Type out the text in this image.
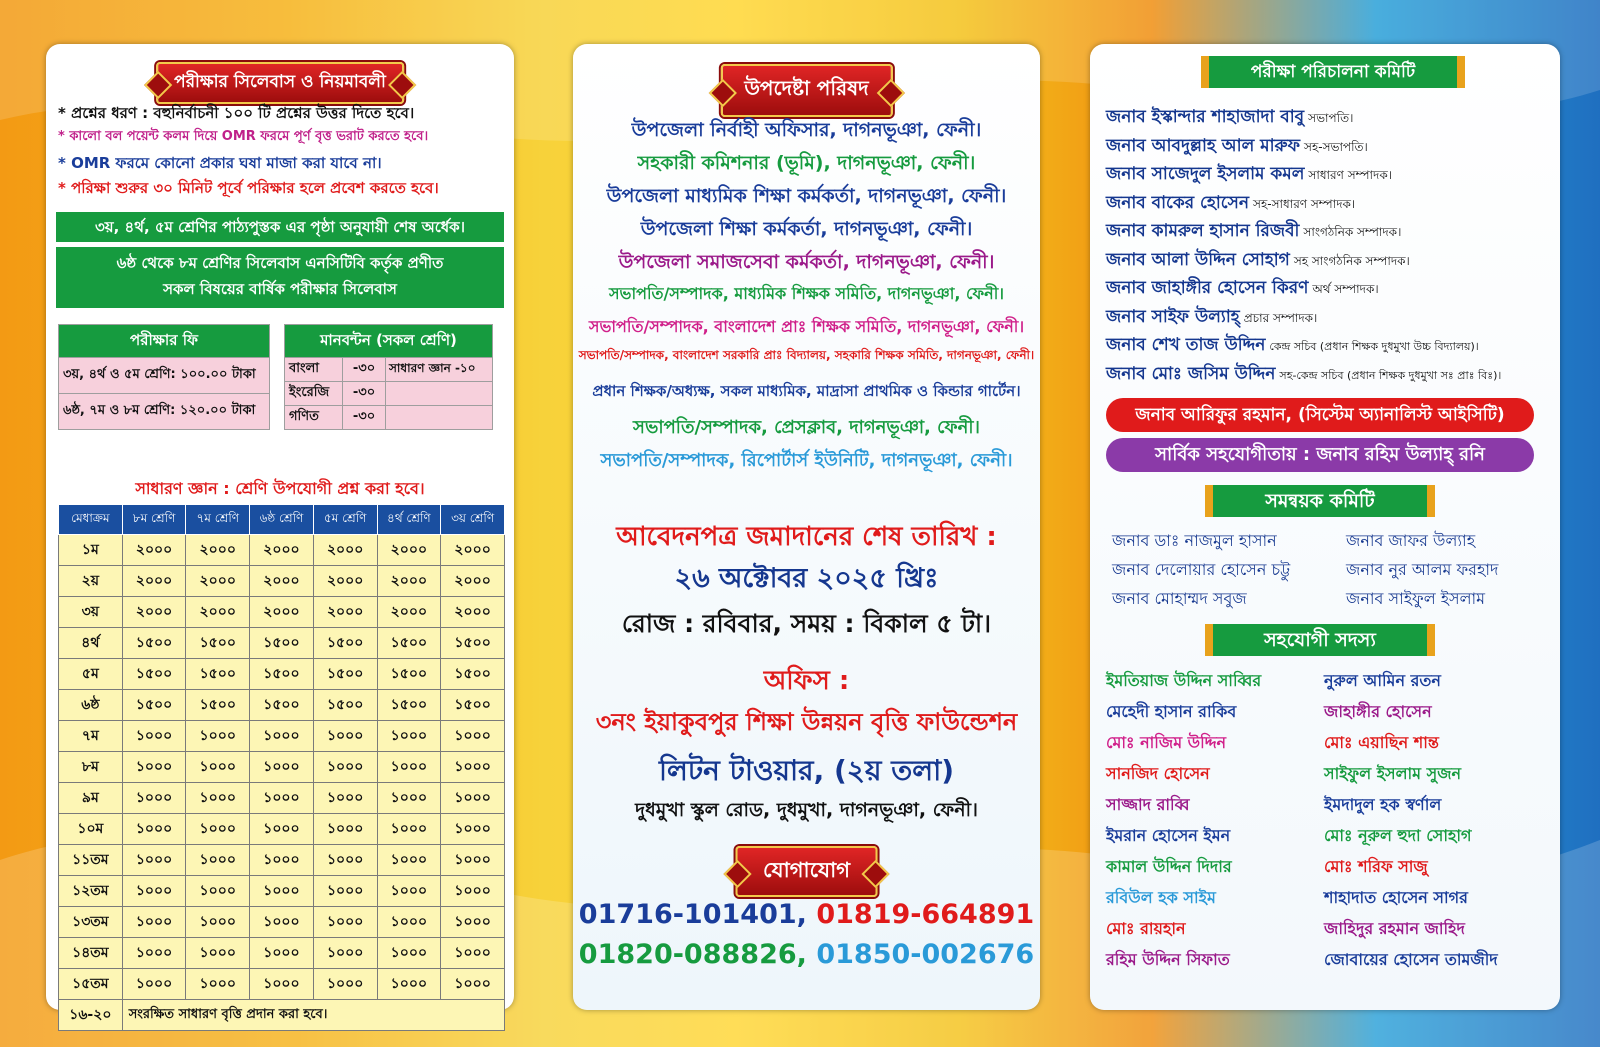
পরীক্ষার সিলেবাস ও নিয়মাবলী
* প্রশ্নের ধরণ : বহুনির্বাচনী ১০০ টি প্রশ্নের উত্তর দিতে হবে।
* কালো বল পয়েন্ট কলম দিয়ে OMR ফরমে পূর্ণ বৃত্ত ভরাট করতে হবে।
* OMR ফরমে কোনো প্রকার ঘষা মাজা করা যাবে না।
* পরিক্ষা শুরুর ৩০ মিনিট পূর্বে পরিক্ষার হলে প্রবেশ করতে হবে।
৩য়, ৪র্থ, ৫ম শ্রেণির পাঠ্যপুস্তক এর পৃষ্ঠা অনুযায়ী শেষ অর্ধেক।
৬ষ্ঠ থেকে ৮ম শ্রেণির সিলেবাস এনসিটিবি কর্তৃক প্রণীত
সকল বিষয়ের বার্ষিক পরীক্ষার সিলেবাস
পরীক্ষার ফি
৩য়, ৪র্থ ও ৫ম শ্রেণি: ১০০.০০ টাকা
৬ষ্ঠ, ৭ম ও ৮ম শ্রেণি: ১২০.০০ টাকা
মানবন্টন (সকল শ্রেণি)		
বাংলা	-৩০	সাধারণ জ্ঞান -১০
ইংরেজি	-৩০	
গণিত	-৩০	
সাধারণ জ্ঞান : শ্রেণি উপযোগী প্রশ্ন করা হবে।
মেধাক্রম	৮ম শ্রেণি	৭ম শ্রেণি	৬ষ্ঠ শ্রেণি	৫ম শ্রেণি	৪র্থ শ্রেণি	৩য় শ্রেণি
১ম	২০০০	২০০০	২০০০	২০০০	২০০০	২০০০
২য়	২০০০	২০০০	২০০০	২০০০	২০০০	২০০০
৩য়	২০০০	২০০০	২০০০	২০০০	২০০০	২০০০
৪র্থ	১৫০০	১৫০০	১৫০০	১৫০০	১৫০০	১৫০০
৫ম	১৫০০	১৫০০	১৫০০	১৫০০	১৫০০	১৫০০
৬ষ্ঠ	১৫০০	১৫০০	১৫০০	১৫০০	১৫০০	১৫০০
৭ম	১০০০	১০০০	১০০০	১০০০	১০০০	১০০০
৮ম	১০০০	১০০০	১০০০	১০০০	১০০০	১০০০
৯ম	১০০০	১০০০	১০০০	১০০০	১০০০	১০০০
১০ম	১০০০	১০০০	১০০০	১০০০	১০০০	১০০০
১১তম	১০০০	১০০০	১০০০	১০০০	১০০০	১০০০
১২তম	১০০০	১০০০	১০০০	১০০০	১০০০	১০০০
১৩তম	১০০০	১০০০	১০০০	১০০০	১০০০	১০০০
১৪তম	১০০০	১০০০	১০০০	১০০০	১০০০	১০০০
১৫তম	১০০০	১০০০	১০০০	১০০০	১০০০	১০০০
১৬-২০	সংরক্ষিত সাধারণ বৃত্তি প্রদান করা হবে।					
উপদেষ্টা পরিষদ
উপজেলা নির্বাহী অফিসার, দাগনভূঞা, ফেনী।
সহকারী কমিশনার (ভূমি), দাগনভূঞা, ফেনী।
উপজেলা মাধ্যমিক শিক্ষা কর্মকর্তা, দাগনভূঞা, ফেনী।
উপজেলা শিক্ষা কর্মকর্তা, দাগনভূঞা, ফেনী।
উপজেলা সমাজসেবা কর্মকর্তা, দাগনভূঞা, ফেনী।
সভাপতি/সম্পাদক, মাধ্যমিক শিক্ষক সমিতি, দাগনভূঞা, ফেনী।
সভাপতি/সম্পাদক, বাংলাদেশ প্রাঃ শিক্ষক সমিতি, দাগনভূঞা, ফেনী।
সভাপতি/সম্পাদক, বাংলাদেশ সরকারি প্রাঃ বিদ্যালয়, সহকারি শিক্ষক সমিতি, দাগনভূঞা, ফেনী।
প্রধান শিক্ষক/অধ্যক্ষ, সকল মাধ্যমিক, মাদ্রাসা প্রাথমিক ও কিন্ডার গার্টেন।
সভাপতি/সম্পাদক, প্রেসক্লাব, দাগনভূঞা, ফেনী।
সভাপতি/সম্পাদক, রিপোর্টার্স ইউনিটি, দাগনভূঞা, ফেনী।
আবেদনপত্র জমাদানের শেষ তারিখ :
২৬ অক্টোবর ২০২৫ খ্রিঃ
রোজ : রবিবার, সময় : বিকাল ৫ টা।
অফিস :
৩নং ইয়াকুবপুর শিক্ষা উন্নয়ন বৃত্তি ফাউন্ডেশন
লিটন টাওয়ার, (২য় তলা)
দুধমুখা স্কুল রোড, দুধমুখা, দাগনভূঞা, ফেনী।
যোগাযোগ
01716-101401, 01819-664891
01820-088826, 01850-002676
পরীক্ষা পরিচালনা কমিটি
জনাব ইস্কান্দার শাহাজাদা বাবু সভাপতি।
জনাব আবদুল্লাহ আল মারুফ সহ-সভাপতি।
জনাব সাজেদুল ইসলাম কমল সাধারণ সম্পাদক।
জনাব বাকের হোসেন সহ-সাধারণ সম্পাদক।
জনাব কামরুল হাসান রিজবী সাংগঠনিক সম্পাদক।
জনাব আলা উদ্দিন সোহাগ সহ সাংগঠনিক সম্পাদক।
জনাব জাহাঙ্গীর হোসেন কিরণ অর্থ সম্পাদক।
জনাব সাইফ উল্যাহ্ প্রচার সম্পাদক।
জনাব শেখ তাজ উদ্দিন কেন্দ্র সচিব (প্রধান শিক্ষক দুধমুখা উচ্চ বিদ্যালয়)।
জনাব মোঃ জসিম উদ্দিন সহ-কেন্দ্র সচিব (প্রধান শিক্ষক দুধমুখা সঃ প্রাঃ বিঃ)।
জনাব আরিফুর রহমান, (সিস্টেম অ্যানালিস্ট আইসিটি)
সার্বিক সহযোগীতায় : জনাব রহিম উল্যাহ্ রনি
সমন্বয়ক কমিটি
জনাব ডাঃ নাজমুল হাসান	জনাব জাফর উল্যাহ
জনাব দেলোয়ার হোসেন চট্টু	জনাব নুর আলম ফরহাদ
জনাব মোহাম্মদ সবুজ	জনাব সাইফুল ইসলাম
সহযোগী সদস্য
ইমতিয়াজ উদ্দিন সাব্বির	নুরুল আমিন রতন
মেহেদী হাসান রাকিব	জাহাঙ্গীর হোসেন
মোঃ নাজিম উদ্দিন	মোঃ এয়াছিন শান্ত
সানজিদ হোসেন	সাইফুল ইসলাম সুজন
সাজ্জাদ রাব্বি	ইমদাদুল হক স্বর্ণাল
ইমরান হোসেন ইমন	মোঃ নূরুল হুদা সোহাগ
কামাল উদ্দিন দিদার	মোঃ শরিফ সাজু
রবিউল হক সাইম	শাহাদাত হোসেন সাগর
মোঃ রায়হান	জাহিদুর রহমান জাহিদ
রহিম উদ্দিন সিফাত	জোবায়ের হোসেন তামজীদ
